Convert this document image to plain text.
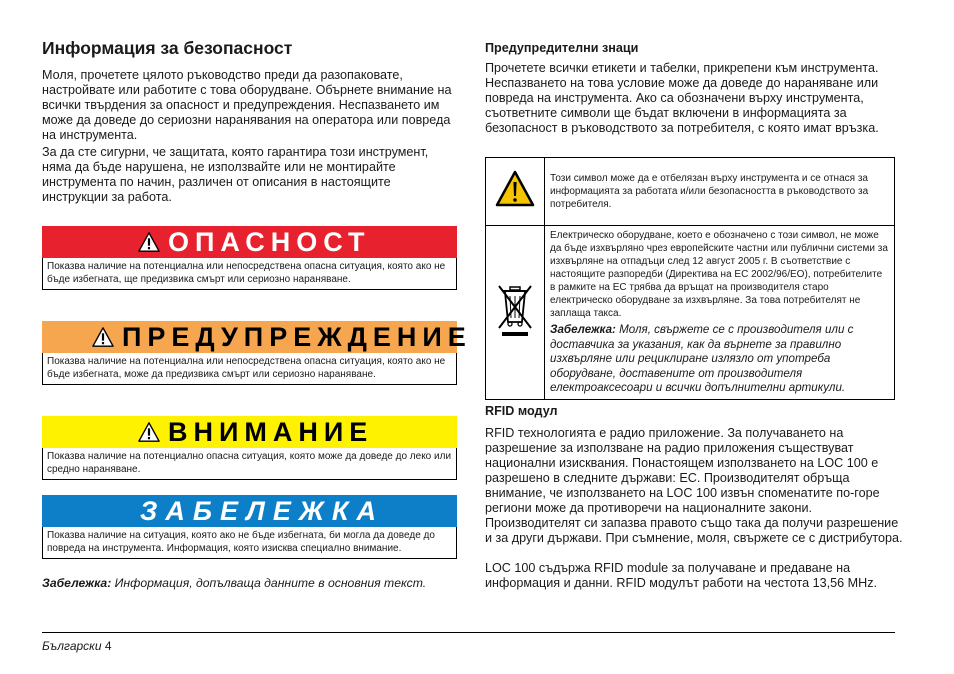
Информация за безопасност

Моля, прочетете цялото ръководство преди да разопаковате, настройвате или работите с това оборудване. Обърнете внимание на всички твърдения за опасност и предупреждения. Неспазването им може да доведе до сериозни наранявания на оператора или повреда на инструмента.

За да сте сигурни, че защитата, която гарантира този инструмент, няма да бъде нарушена, не използвайте или не монтирайте инструмента по начин, различен от описания в настоящите инструкции за работа.

ОПАСНОСТ
Показва наличие на потенциална или непосредствена опасна ситуация, която ако не бъде избегната, ще предизвика смърт или сериозно нараняване.
ПРЕДУПРЕЖДЕНИЕ
Показва наличие на потенциална или непосредствена опасна ситуация, която ако не бъде избегната, може да предизвика смърт или сериозно нараняване.
ВНИМАНИЕ
Показва наличие на потенциално опасна ситуация, която може да доведе до леко или средно нараняване.
ЗАБЕЛЕЖКА
Показва наличие на ситуация, която ако не бъде избегната, би могла да доведе до повреда на инструмента. Информация, която изисква специално внимание.
Забележка: Информация, допълваща данните в основния текст.
Предупредителни знаци

Прочетете всички етикети и табелки, прикрепени към инструмента. Неспазването на това условие може да доведе до нараняване или повреда на инструмента. Ако са обозначени върху инструмента, съответните символи ще бъдат включени в информацията за безопасност в ръководството за потребителя, с която имат връзка.

	Този символ може да е отбелязан върху инструмента и се отнася за информацията за работата и/или безопасността в ръководството за потребителя.

Електрическо оборудване, което е обозначено с този символ, не може да бъде изхвърляно чрез европейските частни или публични системи за изхвърляне на отпадъци след 12 август 2005 г. В съответствие с настоящите разпоредби (Директива на ЕС 2002/96/ЕО), потребителите в рамките на ЕС трябва да връщат на производителя старо електрическо оборудване за изхвърляне. За това потребителят не заплаща такса.
Забележка: Моля, свържете се с производителя или с доставчика за указания, как да върнете за правилно изхвърляне или рециклиране излязло от употреба оборудване, доставените от производителя електроаксесоари и всички допълнителни артикули.
RFID модул

RFID технологията е радио приложение. За получаването на разрешение за използване на радио приложения съществуват национални изисквания. Понастоящем използването на LOC 100 е разрешено в следните държави: ЕС. Производителят обръща внимание, че използването на LOC 100 извън споменатите по-горе региони може да противоречи на националните закони. Производителят си запазва правото също така да получи разрешение и за други държави. При съмнение, моля, свържете се с дистрибутора.

LOC 100 съдържа RFID module за получаване и предаване на информация и данни. RFID модулът работи на честота 13,56 MHz.

Български 4
